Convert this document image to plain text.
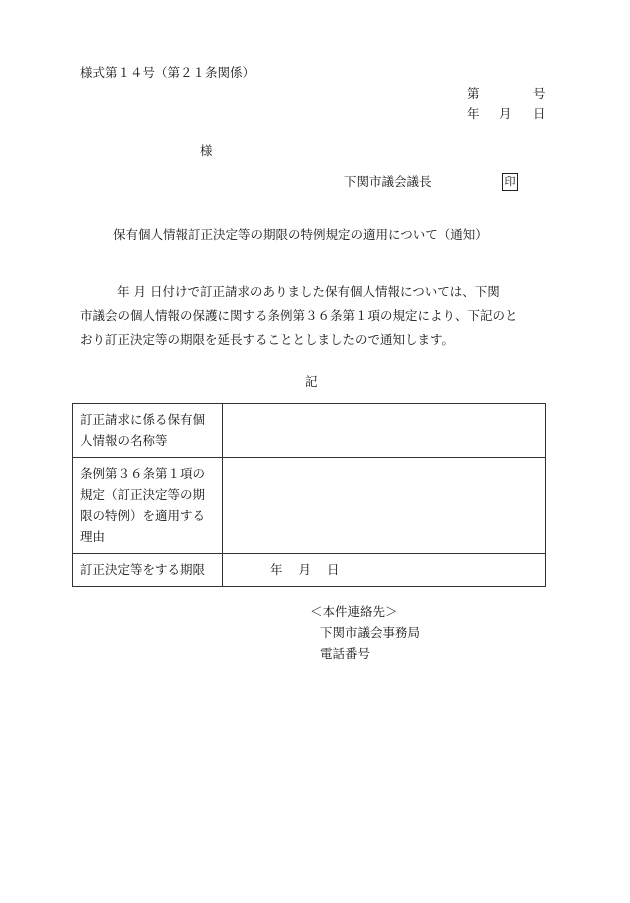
様式第１４号（第２１条関係）
第	号
年 月 日
様
下関市議会議長	印
保有個人情報訂正決定等の期限の特例規定の適用について（通知）
年 月 日付けで訂正請求のありました保有個人情報については、下関
市議会の個人情報の保護に関する条例第３６条第１項の規定により、下記のと
おり訂正決定等の期限を延長することとしましたので通知します。
記
訂正請求に係る保有個
人情報の名称等	

条例第３６条第１項の
規定（訂正決定等の期
限の特例）を適用する
理由	

訂正決定等をする期限	年 月 日
＜本件連絡先＞
下関市議会事務局
電話番号
